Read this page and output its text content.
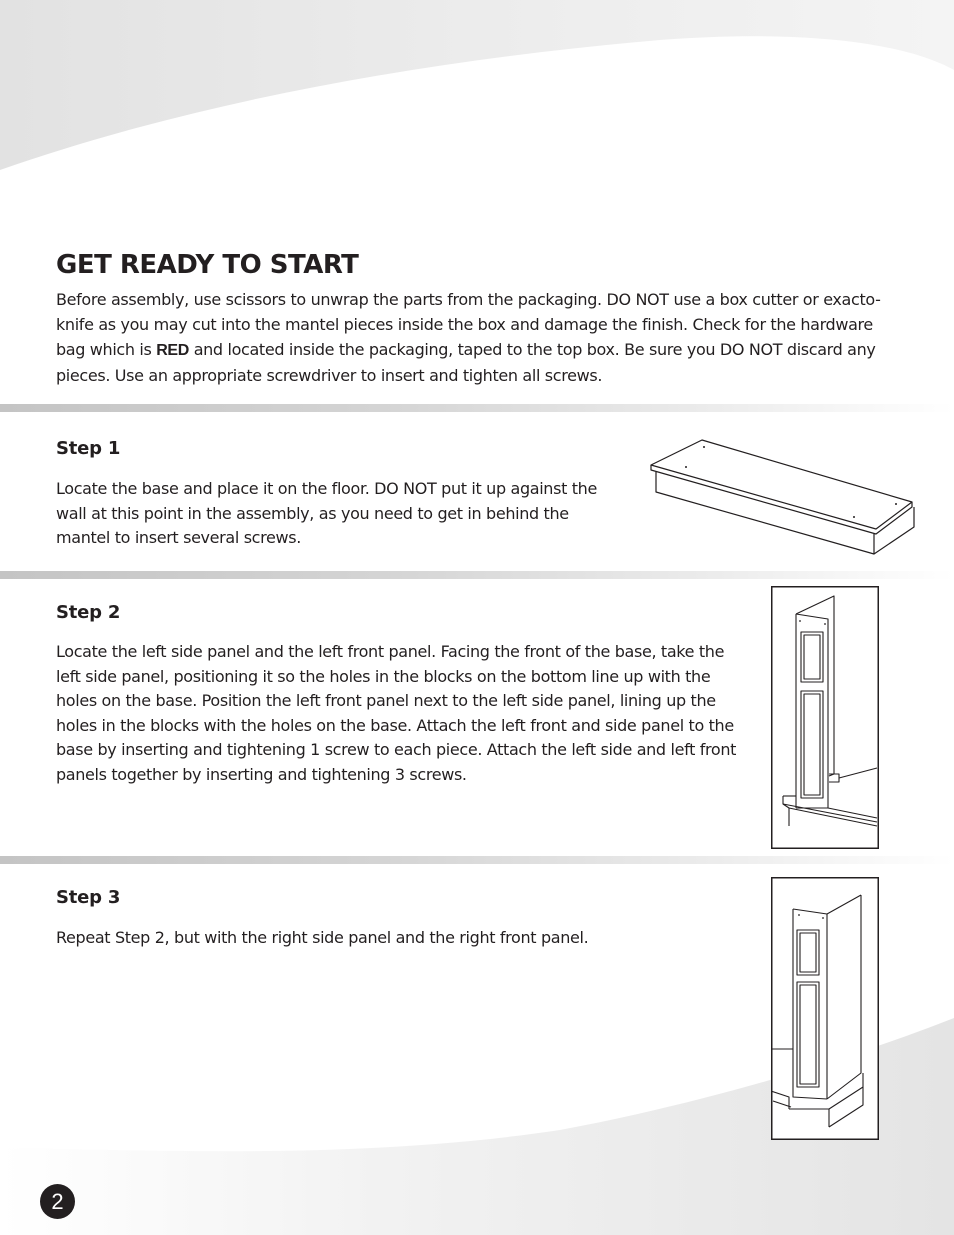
GET READY TO START

Before assembly, use scissors to unwrap the parts from the packaging. DO NOT use a box cutter or exacto-knife as you may cut into the mantel pieces inside the box and damage the finish. Check for the hardware bag which is RED and located inside the packaging, taped to the top box. Be sure you DO NOT discard any pieces. Use an appropriate screwdriver to insert and tighten all screws.

Step 1

Locate the base and place it on the floor. DO NOT put it up against the wall at this point in the assembly, as you need to get in behind the mantel to insert several screws.

Step 2

Locate the left side panel and the left front panel. Facing the front of the base, take the left side panel, positioning it so the holes in the blocks on the bottom line up with the holes on the base. Position the left front panel next to the left side panel, lining up the holes in the blocks with the holes on the base. Attach the left front and side panel to the base by inserting and tightening 1 screw to each piece. Attach the left side and left front panels together by inserting and tightening 3 screws.

Step 3

Repeat Step 2, but with the right side panel and the right front panel.

2
